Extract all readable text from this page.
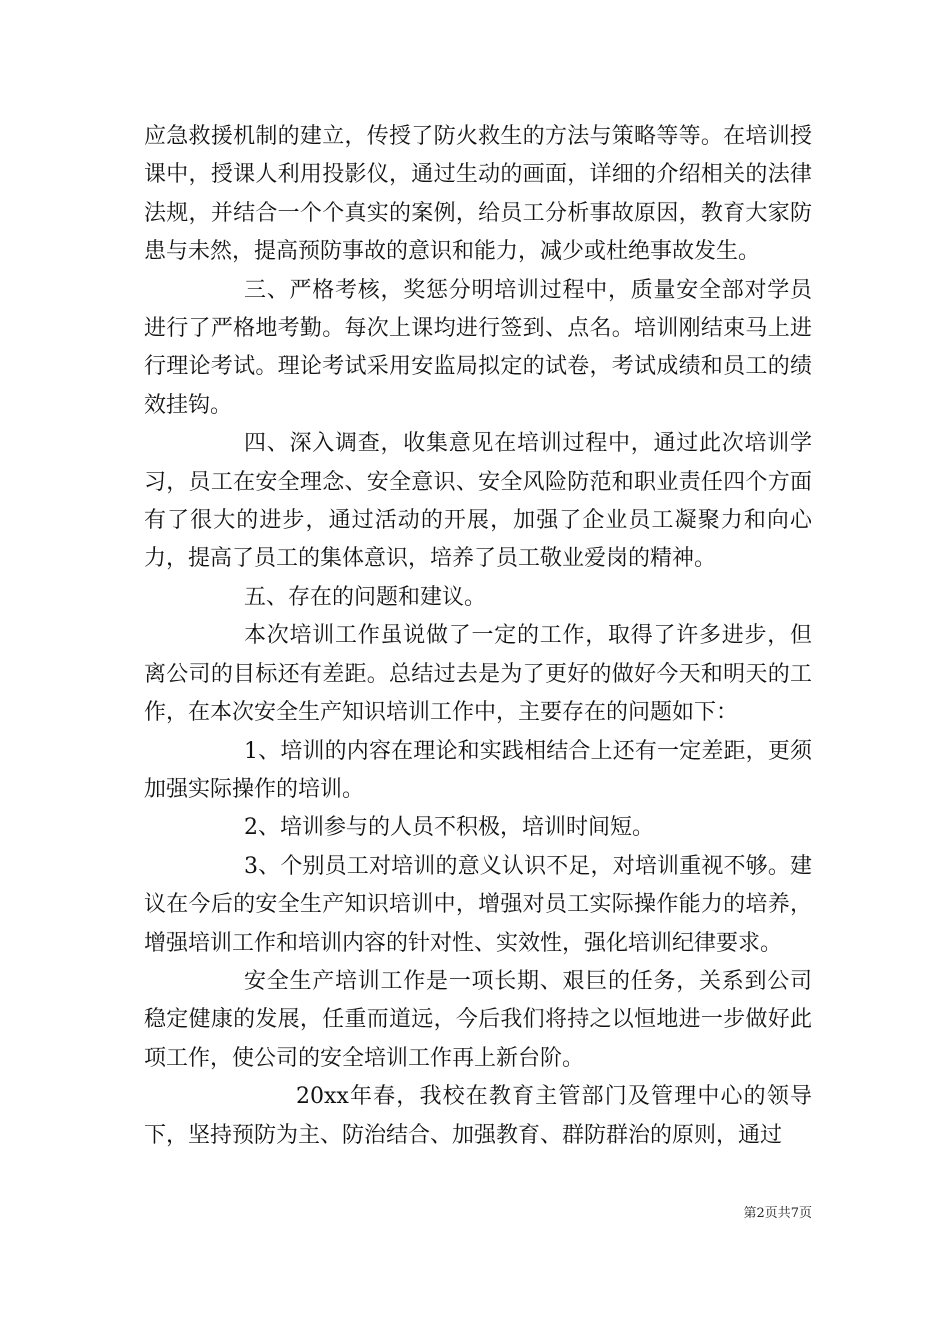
应急救援机制的建立，传授了防火救生的方法与策略等等。在培训授课中，授课人利用投影仪，通过生动的画面，详细的介绍相关的法律法规，并结合一个个真实的案例，给员工分析事故原因，教育大家防患与未然，提高预防事故的意识和能力，减少或杜绝事故发生。

三、严格考核，奖惩分明培训过程中，质量安全部对学员进行了严格地考勤。每次上课均进行签到、点名。培训刚结束马上进行理论考试。理论考试采用安监局拟定的试卷，考试成绩和员工的绩效挂钩。

四、深入调查，收集意见在培训过程中，通过此次培训学习，员工在安全理念、安全意识、安全风险防范和职业责任四个方面有了很大的进步，通过活动的开展，加强了企业员工凝聚力和向心力，提高了员工的集体意识，培养了员工敬业爱岗的精神。

五、存在的问题和建议。

本次培训工作虽说做了一定的工作，取得了许多进步，但离公司的目标还有差距。总结过去是为了更好的做好今天和明天的工作，在本次安全生产知识培训工作中，主要存在的问题如下：

1、培训的内容在理论和实践相结合上还有一定差距，更须加强实际操作的培训。

2、培训参与的人员不积极，培训时间短。

3、个别员工对培训的意义认识不足，对培训重视不够。建议在今后的安全生产知识培训中，增强对员工实际操作能力的培养，增强培训工作和培训内容的针对性、实效性，强化培训纪律要求。

安全生产培训工作是一项长期、艰巨的任务，关系到公司稳定健康的发展，任重而道远，今后我们将持之以恒地进一步做好此项工作，使公司的安全培训工作再上新台阶。

20xx年春，我校在教育主管部门及管理中心的领导下，坚持预防为主、防治结合、加强教育、群防群治的原则，通过

第2页共7页
